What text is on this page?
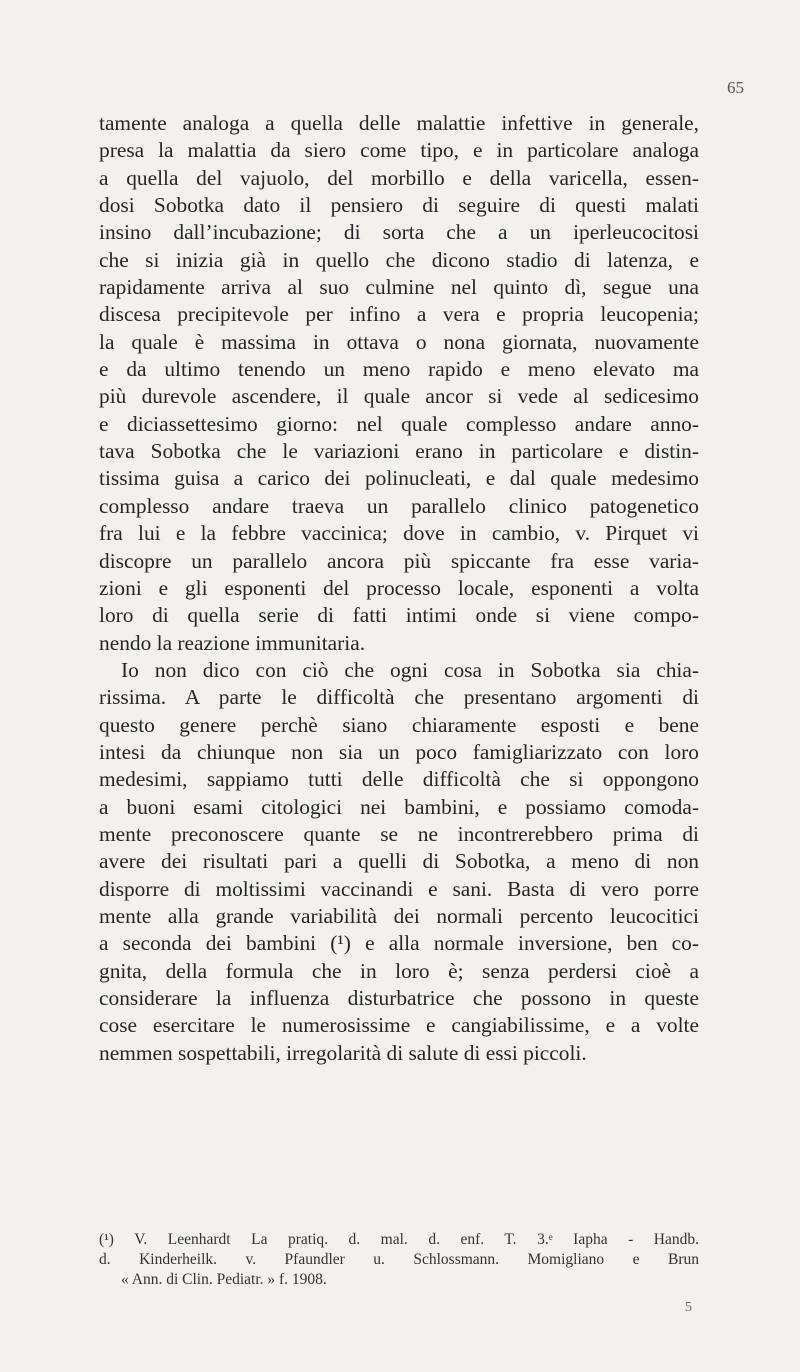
65
tamente analoga a quella delle malattie infettive in generale,
presa la malattia da siero come tipo, e in particolare analoga
a quella del vajuolo, del morbillo e della varicella, essen-
dosi Sobotka dato il pensiero di seguire di questi malati
insino dall’incubazione; di sorta che a un iperleucocitosi
che si inizia già in quello che dicono stadio di latenza, e
rapidamente arriva al suo culmine nel quinto dì, segue una
discesa precipitevole per infino a vera e propria leucopenia;
la quale è massima in ottava o nona giornata, nuovamente
e da ultimo tenendo un meno rapido e meno elevato ma
più durevole ascendere, il quale ancor si vede al sedicesimo
e diciassettesimo giorno: nel quale complesso andare anno-
tava Sobotka che le variazioni erano in particolare e distin-
tissima guisa a carico dei polinucleati, e dal quale medesimo
complesso andare traeva un parallelo clinico patogenetico
fra lui e la febbre vaccinica; dove in cambio, v. Pirquet vi
discopre un parallelo ancora più spiccante fra esse varia-
zioni e gli esponenti del processo locale, esponenti a volta
loro di quella serie di fatti intimi onde si viene compo-
nendo la reazione immunitaria.
Io non dico con ciò che ogni cosa in Sobotka sia chia-
rissima. A parte le difficoltà che presentano argomenti di
questo genere perchè siano chiaramente esposti e bene
intesi da chiunque non sia un poco famigliarizzato con loro
medesimi, sappiamo tutti delle difficoltà che si oppongono
a buoni esami citologici nei bambini, e possiamo comoda-
mente preconoscere quante se ne incontrerebbero prima di
avere dei risultati pari a quelli di Sobotka, a meno di non
disporre di moltissimi vaccinandi e sani. Basta di vero porre
mente alla grande variabilità dei normali percento leucocitici
a seconda dei bambini (¹) e alla normale inversione, ben co-
gnita, della formula che in loro è; senza perdersi cioè a
considerare la influenza disturbatrice che possono in queste
cose esercitare le numerosissime e cangiabilissime, e a volte
nemmen sospettabili, irregolarità di salute di essi piccoli.
(¹) V. Leenhardt La pratiq. d. mal. d. enf. T. 3.ᵉ Iapha - Handb.
d. Kinderheilk. v. Pfaundler u. Schlossmann. Momigliano e Brun
« Ann. di Clin. Pediatr. » f. 1908.
5
